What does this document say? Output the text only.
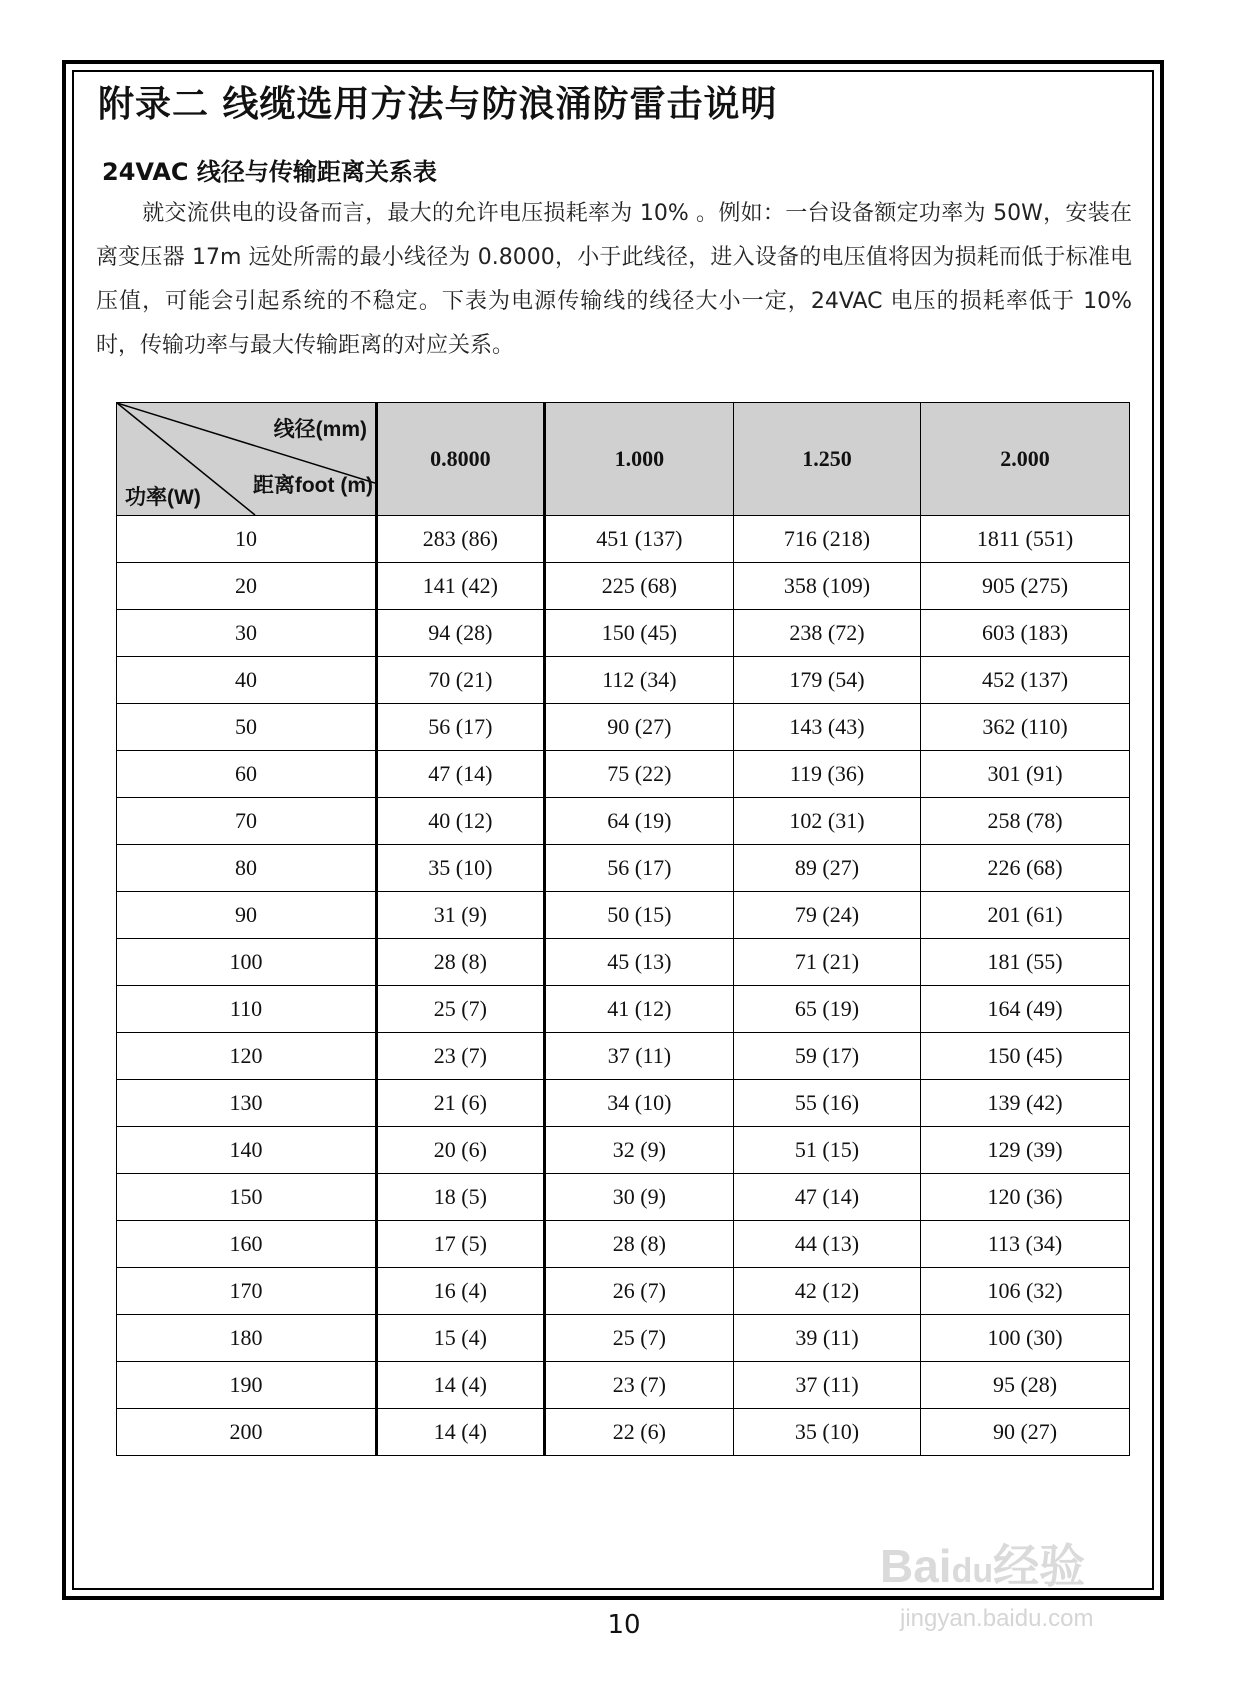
附录二 线缆选用方法与防浪涌防雷击说明
24VAC 线径与传输距离关系表
就交流供电的设备而言，最大的允许电压损耗率为 10% 。例如：一台设备额定功率为 50W，安装在离变压器 17m 远处所需的最小线径为 0.8000，小于此线径，进入设备的电压值将因为损耗而低于标准电压值，可能会引起系统的不稳定。下表为电源传输线的线径大小一定，24VAC 电压的损耗率低于 10%时，传输功率与最大传输距离的对应关系。
线径(mm)
距离foot (m)
功率(W)	0.8000	1.000	1.250	2.000
10	283 (86)	451 (137)	716 (218)	1811 (551)
20	141 (42)	225 (68)	358 (109)	905 (275)
30	94 (28)	150 (45)	238 (72)	603 (183)
40	70 (21)	112 (34)	179 (54)	452 (137)
50	56 (17)	90 (27)	143 (43)	362 (110)
60	47 (14)	75 (22)	119 (36)	301 (91)
70	40 (12)	64 (19)	102 (31)	258 (78)
80	35 (10)	56 (17)	89 (27)	226 (68)
90	31 (9)	50 (15)	79 (24)	201 (61)
100	28 (8)	45 (13)	71 (21)	181 (55)
110	25 (7)	41 (12)	65 (19)	164 (49)
120	23 (7)	37 (11)	59 (17)	150 (45)
130	21 (6)	34 (10)	55 (16)	139 (42)
140	20 (6)	32 (9)	51 (15)	129 (39)
150	18 (5)	30 (9)	47 (14)	120 (36)
160	17 (5)	28 (8)	44 (13)	113 (34)
170	16 (4)	26 (7)	42 (12)	106 (32)
180	15 (4)	25 (7)	39 (11)	100 (30)
190	14 (4)	23 (7)	37 (11)	95 (28)
200	14 (4)	22 (6)	35 (10)	90 (27)
Baidu经验
jingyan.baidu.com
10
